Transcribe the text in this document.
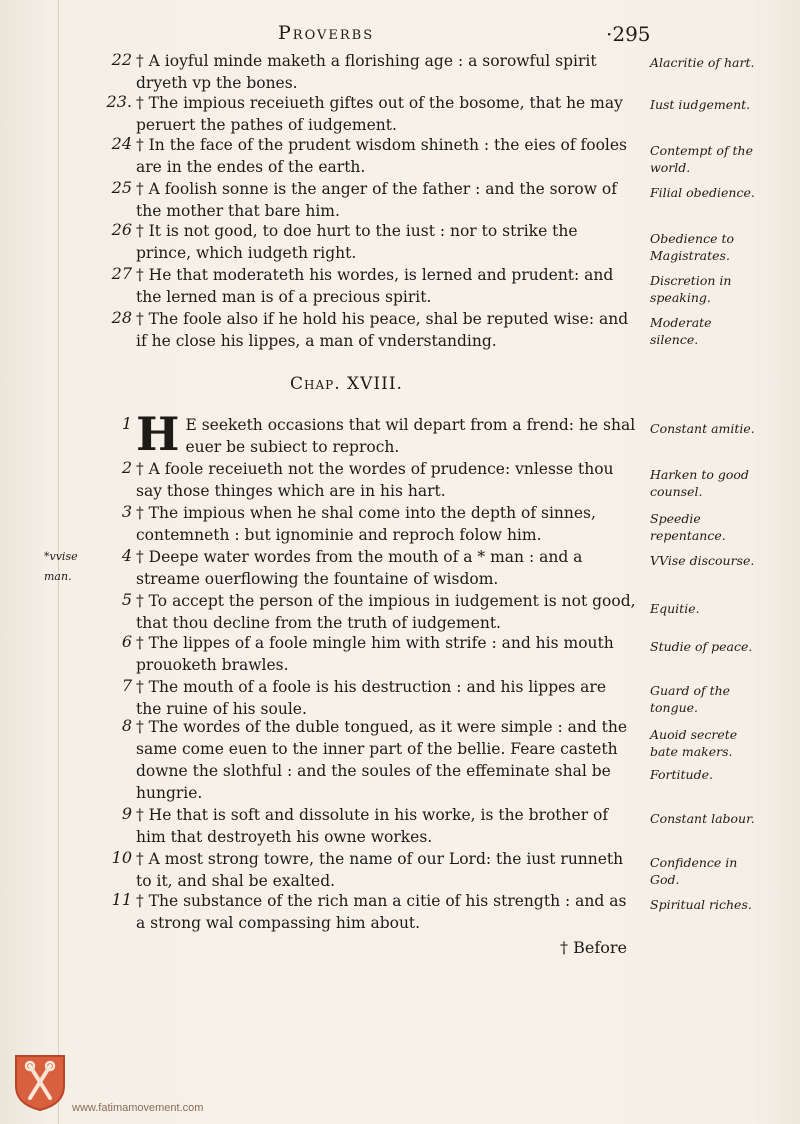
Proverbs	·295
22 † A ioyful minde maketh a florishing age : a sorowful spirit dryeth vp the bones.
Alacritie of hart.
23. † The impious receiueth giftes out of the bosome, that he may peruert the pathes of iudgement.
Iust iudgement.
24 † In the face of the prudent wisdom shineth : the eies of fooles are in the endes of the earth.
Contempt of the world.
25 † A foolish sonne is the anger of the father : and the sorow of the mother that bare him.
Filial obedience.
26 † It is not good, to doe hurt to the iust : nor to strike the prince, which iudgeth right.
Obedience to Magistrates.
27 † He that moderateth his wordes, is lerned and prudent: and the lerned man is of a precious spirit.
Discretion in speaking.
28 † The foole also if he hold his peace, shal be reputed wise: and if he close his lippes, a man of vnderstanding.
Moderate silence.
Chap. XVIII.
1 H E seeketh occasions that wil depart from a frend: he shal euer be subiect to reproch.
Constant amitie.
2 † A foole receiueth not the wordes of prudence: vnlesse thou say those thinges which are in his hart.
Harken to good counsel.
3 † The impious when he shal come into the depth of sinnes, contemneth : but ignominie and reproch folow him.
Speedie repentance.
4 † Deepe water wordes from the mouth of a * man : and a streame ouerflowing the fountaine of wisdom.
VVise discourse.
5 † To accept the person of the impious in iudgement is not good, that thou decline from the truth of iudgement.
Equitie.
6 † The lippes of a foole mingle him with strife : and his mouth prouoketh brawles.
Studie of peace.
7 † The mouth of a foole is his destruction : and his lippes are the ruine of his soule.
Guard of the tongue.
8 † The wordes of the duble tongued, as it were simple : and the same come euen to the inner part of the bellie. Feare casteth downe the slothful : and the soules of the effeminate shal be hungrie.
Auoid secrete bate makers.
Fortitude.
9 † He that is soft and dissolute in his worke, is the brother of him that destroyeth his owne workes.
Constant labour.
10 † A most strong towre, the name of our Lord: the iust runneth to it, and shal be exalted.
Confidence in God.
11 † The substance of the rich man a citie of his strength : and as a strong wal compassing him about.
Spiritual riches.
*vvise man.
† Before
www.fatimamovement.com
